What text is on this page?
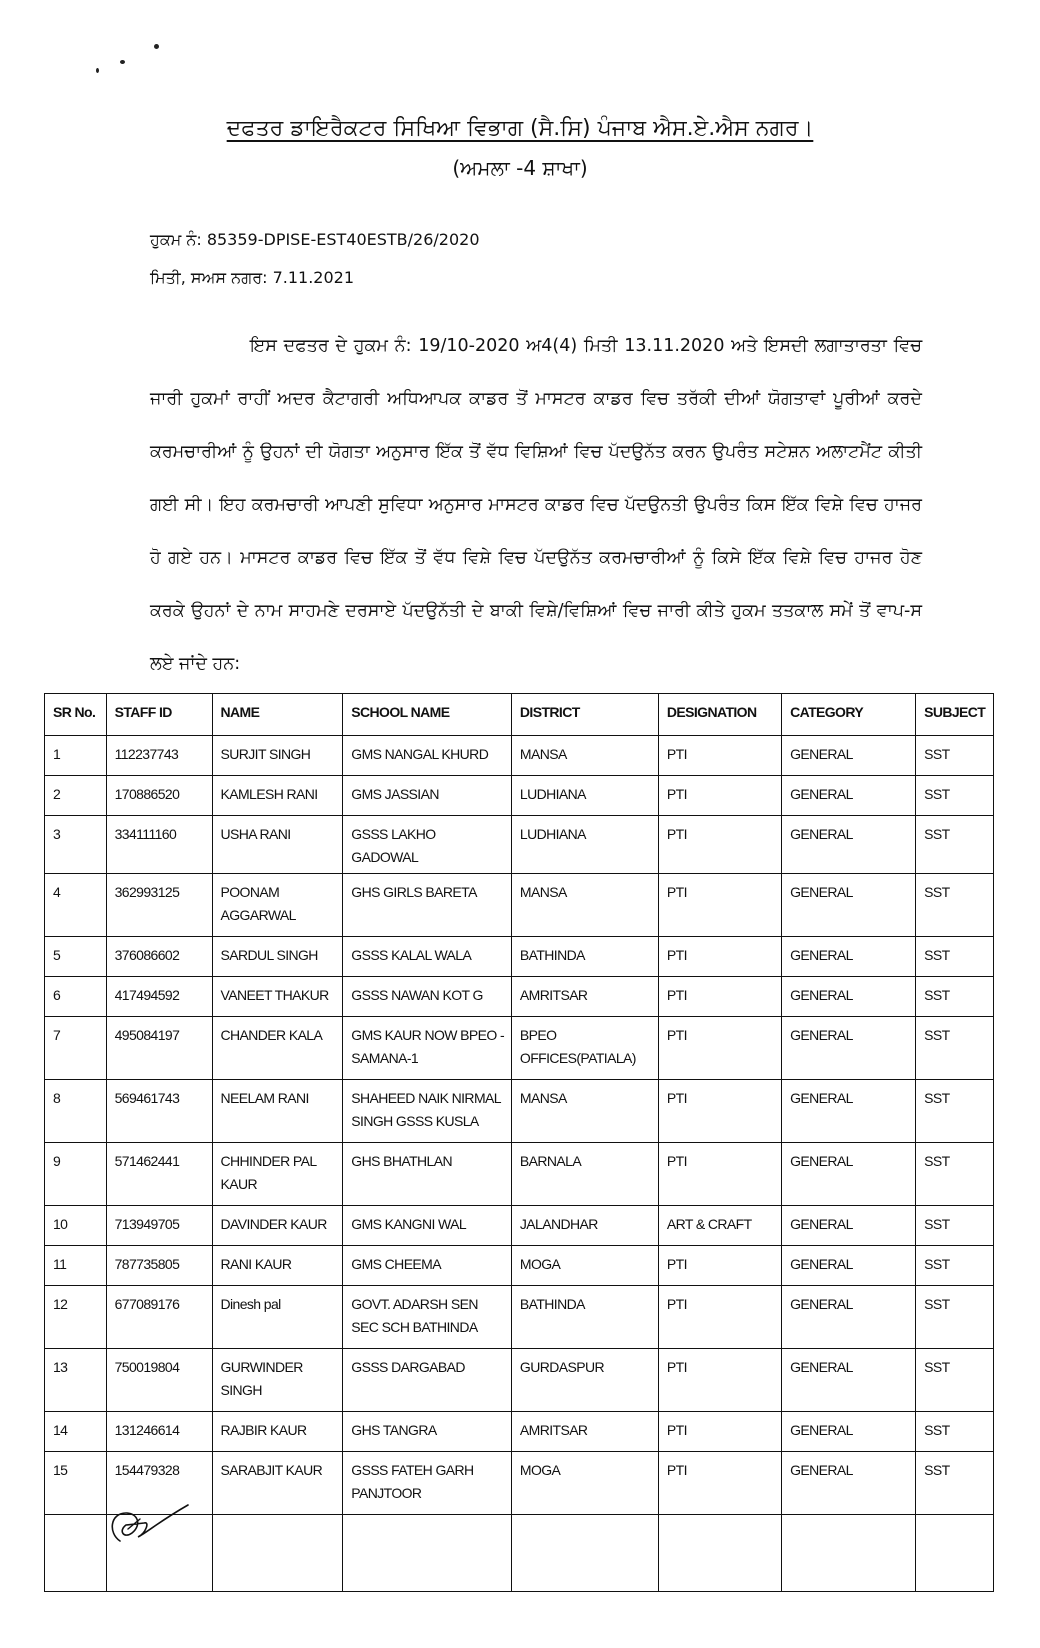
ਦਫਤਰ ਡਾਇਰੈਕਟਰ ਸਿਖਿਆ ਵਿਭਾਗ (ਸੈ.ਸਿ) ਪੰਜਾਬ ਐਸ.ਏ.ਐਸ ਨਗਰ।
(ਅਮਲਾ -4 ਸ਼ਾਖਾ)
ਹੁਕਮ ਨੰ: 85359-DPISE-EST40ESTB/26/2020
ਮਿਤੀ, ਸਅਸ ਨਗਰ: 7.11.2021
ਇਸ ਦਫਤਰ ਦੇ ਹੁਕਮ ਨੰ: 19/10-2020 ਅ4(4) ਮਿਤੀ 13.11.2020 ਅਤੇ ਇਸਦੀ ਲਗਾਤਾਰਤਾ ਵਿਚ ਜਾਰੀ ਹੁਕਮਾਂ ਰਾਹੀਂ ਅਦਰ ਕੈਟਾਗਰੀ ਅਧਿਆਪਕ ਕਾਡਰ ਤੋਂ ਮਾਸਟਰ ਕਾਡਰ ਵਿਚ ਤਰੱਕੀ ਦੀਆਂ ਯੋਗਤਾਵਾਂ ਪੂਰੀਆਂ ਕਰਦੇ ਕਰਮਚਾਰੀਆਂ ਨੂੰ ਉਹਨਾਂ ਦੀ ਯੋਗਤਾ ਅਨੁਸਾਰ ਇੱਕ ਤੋਂ ਵੱਧ ਵਿਸ਼ਿਆਂ ਵਿਚ ਪੱਦਉਨੱਤ ਕਰਨ ਉਪਰੰਤ ਸਟੇਸ਼ਨ ਅਲਾਟਮੈਂਟ ਕੀਤੀ ਗਈ ਸੀ। ਇਹ ਕਰਮਚਾਰੀ ਆਪਣੀ ਸੁਵਿਧਾ ਅਨੁਸਾਰ ਮਾਸਟਰ ਕਾਡਰ ਵਿਚ ਪੱਦਉਨਤੀ ਉਪਰੰਤ ਕਿਸ ਇੱਕ ਵਿਸ਼ੇ ਵਿਚ ਹਾਜਰ ਹੋ ਗਏ ਹਨ। ਮਾਸਟਰ ਕਾਡਰ ਵਿਚ ਇੱਕ ਤੋਂ ਵੱਧ ਵਿਸ਼ੇ ਵਿਚ ਪੱਦਉਨੱਤ ਕਰਮਚਾਰੀਆਂ ਨੂੰ ਕਿਸੇ ਇੱਕ ਵਿਸ਼ੇ ਵਿਚ ਹਾਜਰ ਹੋਣ ਕਰਕੇ ਉਹਨਾਂ ਦੇ ਨਾਮ ਸਾਹਮਣੇ ਦਰਸਾਏ ਪੱਦਉਨੱਤੀ ਦੇ ਬਾਕੀ ਵਿਸ਼ੇ/ਵਿਸ਼ਿਆਂ ਵਿਚ ਜਾਰੀ ਕੀਤੇ ਹੁਕਮ ਤਤਕਾਲ ਸਮੇਂ ਤੋਂ ਵਾਪ-ਸ ਲਏ ਜਾਂਦੇ ਹਨ:
SR No.	STAFF ID	NAME	SCHOOL NAME	DISTRICT	DESIGNATION	CATEGORY	SUBJECT
1	112237743	SURJIT SINGH	GMS NANGAL KHURD	MANSA	PTI	GENERAL	SST
2	170886520	KAMLESH RANI	GMS JASSIAN	LUDHIANA	PTI	GENERAL	SST
3	334111160	USHA RANI	GSSS LAKHO GADOWAL	LUDHIANA	PTI	GENERAL	SST
4	362993125	POONAM AGGARWAL	GHS GIRLS BARETA	MANSA	PTI	GENERAL	SST
5	376086602	SARDUL SINGH	GSSS KALAL WALA	BATHINDA	PTI	GENERAL	SST
6	417494592	VANEET THAKUR	GSSS NAWAN KOT G	AMRITSAR	PTI	GENERAL	SST
7	495084197	CHANDER KALA	GMS KAUR NOW BPEO - SAMANA-1	BPEO OFFICES(PATIALA)	PTI	GENERAL	SST
8	569461743	NEELAM RANI	SHAHEED NAIK NIRMAL SINGH GSSS KUSLA	MANSA	PTI	GENERAL	SST
9	571462441	CHHINDER PAL KAUR	GHS BHATHLAN	BARNALA	PTI	GENERAL	SST
10	713949705	DAVINDER KAUR	GMS KANGNI WAL	JALANDHAR	ART & CRAFT	GENERAL	SST
11	787735805	RANI KAUR	GMS CHEEMA	MOGA	PTI	GENERAL	SST
12	677089176	Dinesh pal	GOVT. ADARSH SEN SEC SCH BATHINDA	BATHINDA	PTI	GENERAL	SST
13	750019804	GURWINDER SINGH	GSSS DARGABAD	GURDASPUR	PTI	GENERAL	SST
14	131246614	RAJBIR KAUR	GHS TANGRA	AMRITSAR	PTI	GENERAL	SST
15	154479328	SARABJIT KAUR	GSSS FATEH GARH PANJTOOR	MOGA	PTI	GENERAL	SST
